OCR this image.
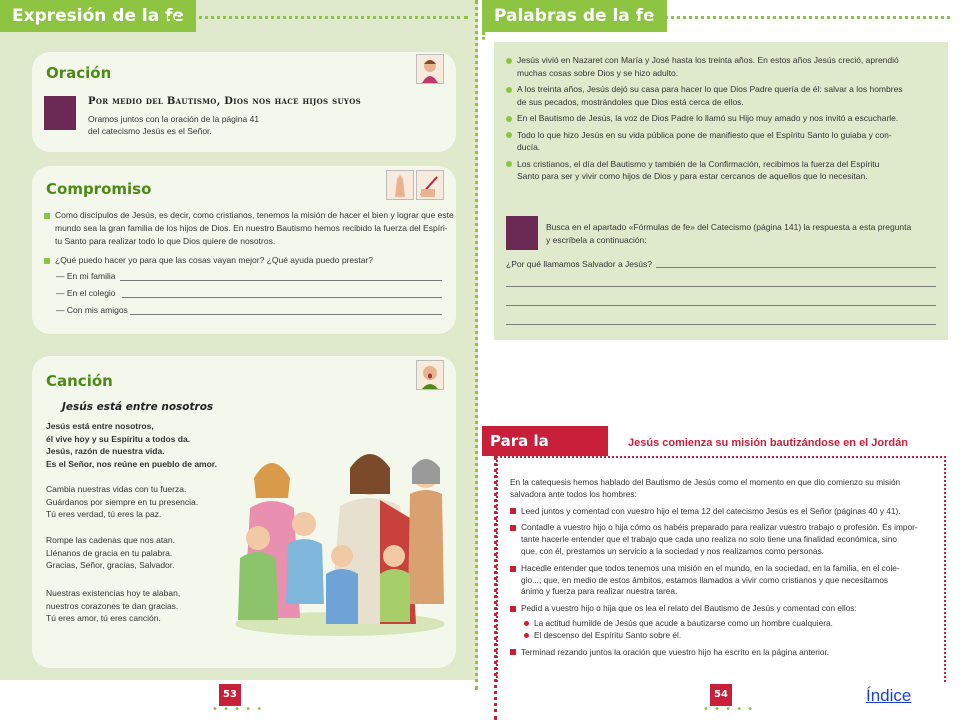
Expresión de la fe
Oración
Por medio del Bautismo, Dios nos hace hijos suyos

Oramos juntos con la oración de la página 41

del catecismo Jesús es el Señor.

Compromiso

Como discípulos de Jesús, es decir, como cristianos, tenemos la misión de hacer el bien y lograr que este

mundo sea la gran familia de los hijos de Dios. En nuestro Bautismo hemos recibido la fuerza del Espíri-

tu Santo para realizar todo lo que Dios quiere de nosotros.

¿Qué puedo hacer yo para que las cosas vayan mejor? ¿Qué ayuda puedo prestar?

— En mi familia

— En el colegio

— Con mis amigos

Canción
Jesús está entre nosotros

Jesús está entre nosotros,

él vive hoy y su Espíritu a todos da.

Jesús, razón de nuestra vida.

Es el Señor, nos reúne en pueblo de amor.

Cambia nuestras vidas con tu fuerza.

Guárdanos por siempre en tu presencia.

Tú eres verdad, tú eres la paz.

Rompe las cadenas que nos atan.

Llénanos de gracia en tu palabra.

Gracias, Señor, gracias, Salvador.

Nuestras existencias hoy te alaban,

nuestros corazones te dan gracias.

Tú eres amor, tú eres canción.

53
• • • • •
Palabras de la fe

Jesús vivió en Nazaret con María y José hasta los treinta años. En estos años Jesús creció, aprendió

muchas cosas sobre Dios y se hizo adulto.

A los treinta años, Jesús dejó su casa para hacer lo que Dios Padre quería de él: salvar a los hombres

de sus pecados, mostrándoles que Dios está cerca de ellos.

En el Bautismo de Jesús, la voz de Dios Padre lo llamó su Hijo muy amado y nos invitó a escucharle.

Todo lo que hizo Jesús en su vida pública pone de manifiesto que el Espíritu Santo lo guiaba y con-

ducía.

Los cristianos, el día del Bautismo y también de la Confirmación, recibimos la fuerza del Espíritu

Santo para ser y vivir como hijos de Dios y para estar cercanos de aquellos que lo necesitan.

Busca en el apartado «Fórmulas de fe» del Catecismo (página 141) la respuesta a esta pregunta

y escríbela a continuación:

¿Por qué llamamos Salvador a Jesús?

Para la familia
Jesús comienza su misión bautizándose en el Jordán

En la catequesis hemos hablado del Bautismo de Jesús como el momento en que dio comienzo su misión

salvadora ante todos los hombres:

Leed juntos y comentad con vuestro hijo el tema 12 del catecismo Jesús es el Señor (páginas 40 y 41).

Contadle a vuestro hijo o hija cómo os habéis preparado para realizar vuestro trabajo o profesión. Es impor-

tante hacerle entender que el trabajo que cada uno realiza no solo tiene una finalidad económica, sino

que, con él, prestamos un servicio a la sociedad y nos realizamos como personas.

Hacedle entender que todos tenemos una misión en el mundo, en la sociedad, en la familia, en el cole-

gio...; que, en medio de estos ámbitos, estamos llamados a vivir como cristianos y que necesitamos

ánimo y fuerza para realizar nuestra tarea.

Pedid a vuestro hijo o hija que os lea el relato del Bautismo de Jesús y comentad con ellos:

La actitud humilde de Jesús que acude a bautizarse como un hombre cualquiera.

El descenso del Espíritu Santo sobre él.

Terminad rezando juntos la oración que vuestro hijo ha escrito en la página anterior.

54
• • • • •
Índice
